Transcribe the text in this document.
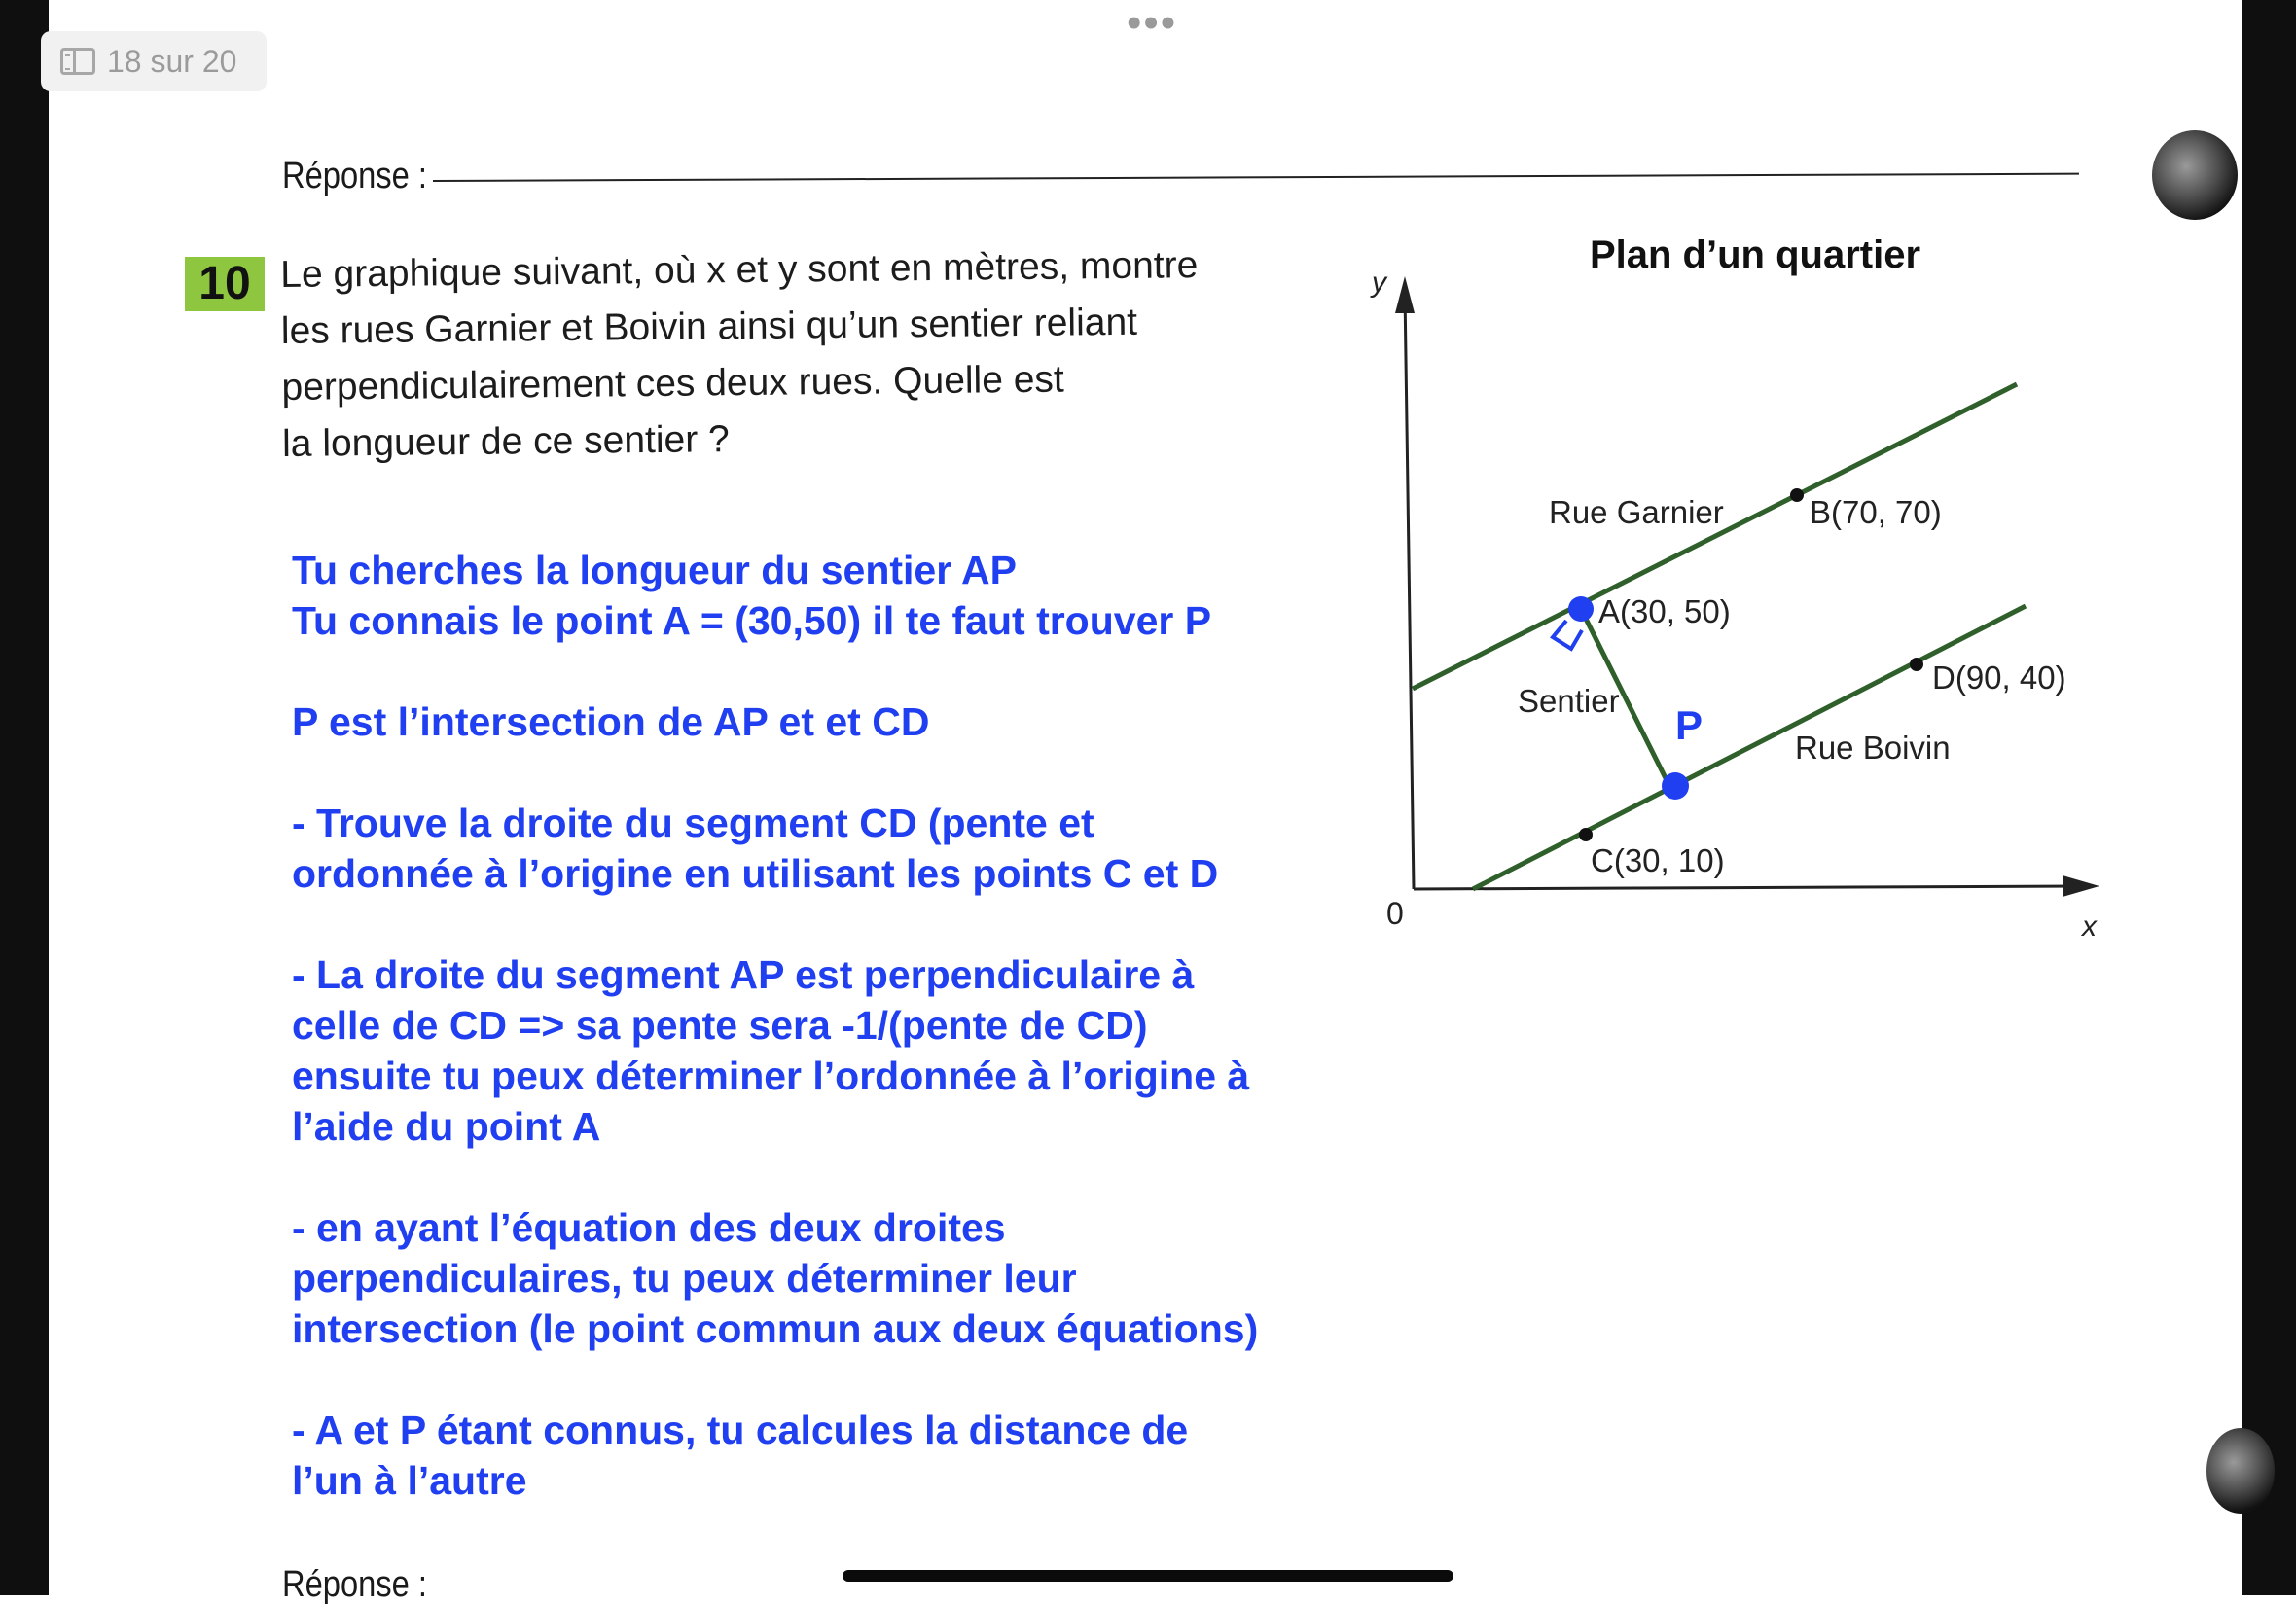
•••
18 sur 20
Réponse :
10 Le graphique suivant, où x et y sont en mètres, montre
les rues Garnier et Boivin ainsi qu’un sentier reliant
perpendiculairement ces deux rues. Quelle est
la longueur de ce sentier ?
Tu cherches la longueur du sentier AP
Tu connais le point A = (30,50) il te faut trouver P
P est l’intersection de AP et et CD
- Trouve la droite du segment CD (pente et
ordonnée à l’origine en utilisant les points C et D
- La droite du segment AP est perpendiculaire à
celle de CD => sa pente sera -1/(pente de CD)
ensuite tu peux déterminer l’ordonnée à l’origine à
l’aide du point A
- en ayant l’équation des deux droites
perpendiculaires, tu peux déterminer leur
intersection (le point commun aux deux équations)
- A et P étant connus, tu calcules la distance de
l’un à l’autre
Plan d’un quartier
y
x
0
Rue Garnier	B(70, 70)
A(30, 50)
D(90, 40)
Sentier
P	Rue Boivin
C(30, 10)
Réponse :
